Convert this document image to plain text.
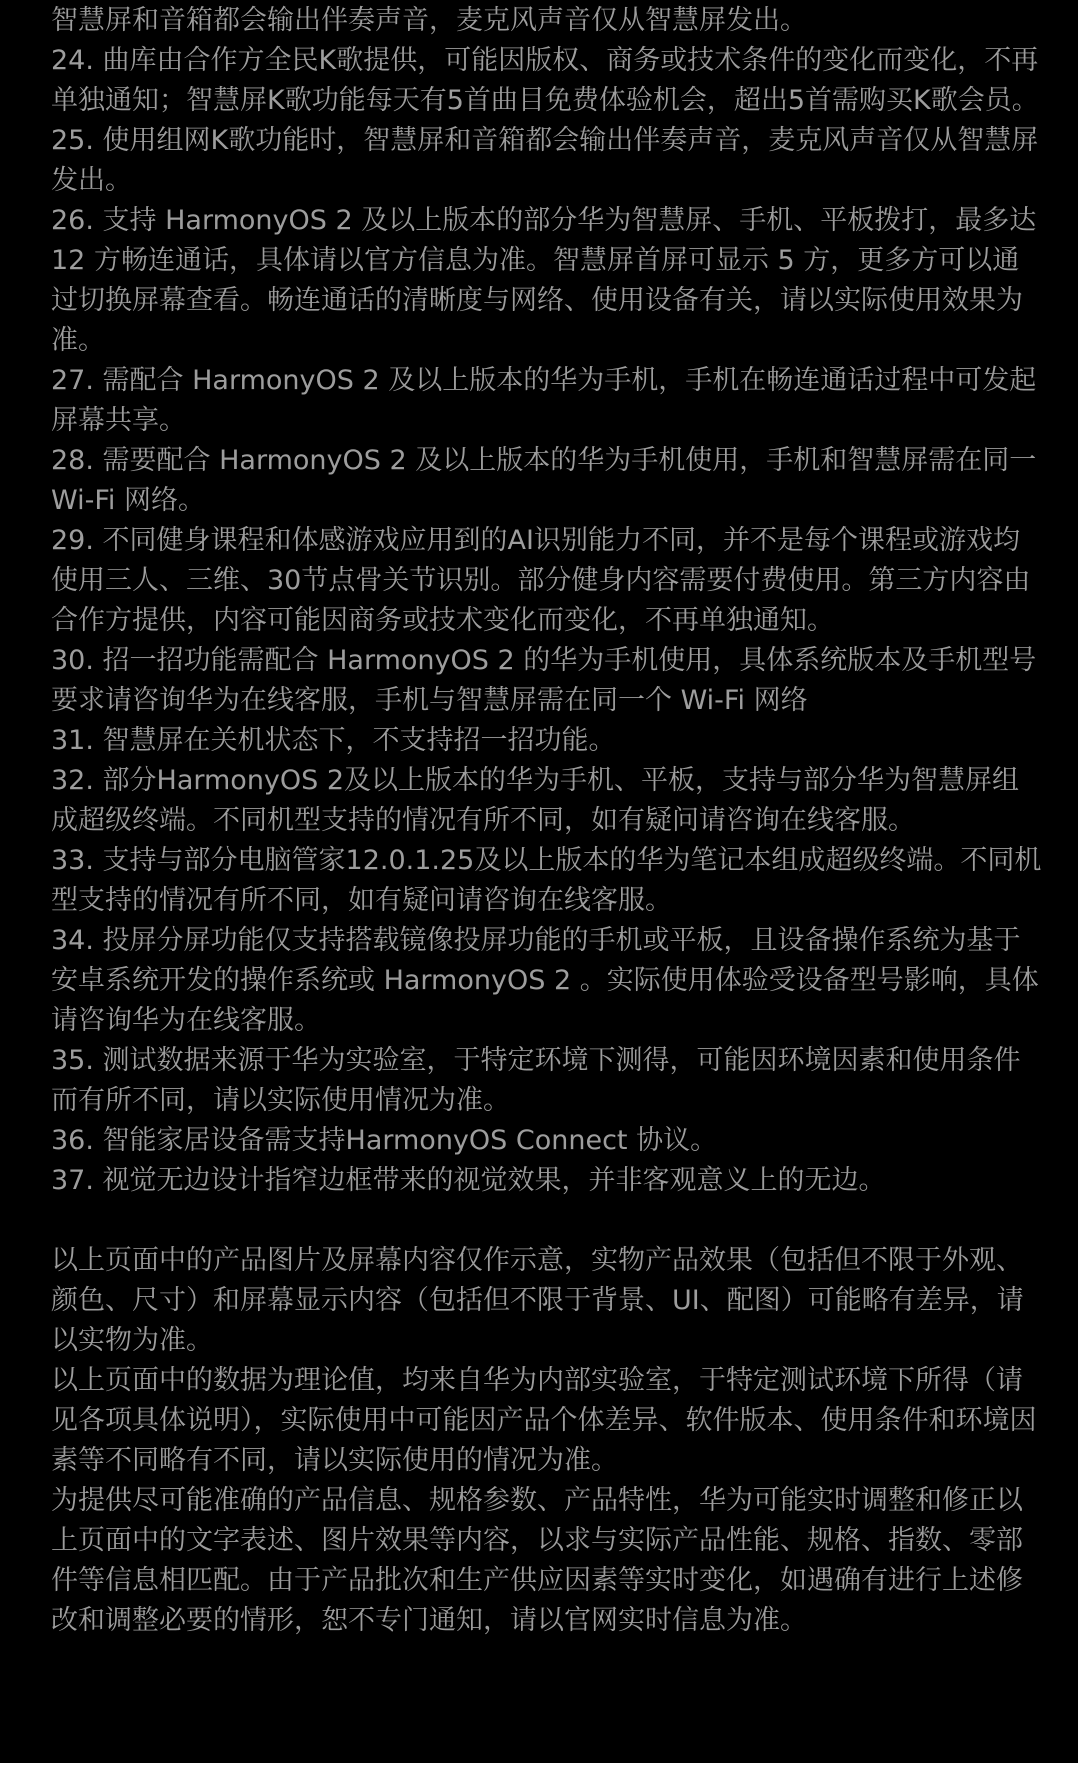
智慧屏和音箱都会输出伴奏声音，麦克风声音仅从智慧屏发出。

24. 曲库由合作方全民K歌提供，可能因版权、商务或技术条件的变化而变化，不再单独通知；智慧屏K歌功能每天有5首曲目免费体验机会，超出5首需购买K歌会员。

25. 使用组网K歌功能时，智慧屏和音箱都会输出伴奏声音，麦克风声音仅从智慧屏发出。

26. 支持 HarmonyOS 2 及以上版本的部分华为智慧屏、手机、平板拨打，最多达 12 方畅连通话，具体请以官方信息为准。智慧屏首屏可显示 5 方，更多方可以通过切换屏幕查看。畅连通话的清晰度与网络、使用设备有关，请以实际使用效果为准。

27. 需配合 HarmonyOS 2 及以上版本的华为手机，手机在畅连通话过程中可发起屏幕共享。

28. 需要配合 HarmonyOS 2 及以上版本的华为手机使用，手机和智慧屏需在同一 Wi-Fi 网络。

29. 不同健身课程和体感游戏应用到的AI识别能力不同，并不是每个课程或游戏均使用三人、三维、30节点骨关节识别。部分健身内容需要付费使用。第三方内容由合作方提供，内容可能因商务或技术变化而变化，不再单独通知。

30. 招一招功能需配合 HarmonyOS 2 的华为手机使用，具体系统版本及手机型号要求请咨询华为在线客服，手机与智慧屏需在同一个 Wi-Fi 网络

31. 智慧屏在关机状态下，不支持招一招功能。

32. 部分HarmonyOS 2及以上版本的华为手机、平板，支持与部分华为智慧屏组成超级终端。不同机型支持的情况有所不同，如有疑问请咨询在线客服。

33. 支持与部分电脑管家12.0.1.25及以上版本的华为笔记本组成超级终端。不同机型支持的情况有所不同，如有疑问请咨询在线客服。

34. 投屏分屏功能仅支持搭载镜像投屏功能的手机或平板，且设备操作系统为基于安卓系统开发的操作系统或 HarmonyOS 2 。实际使用体验受设备型号影响，具体请咨询华为在线客服。

35. 测试数据来源于华为实验室，于特定环境下测得，可能因环境因素和使用条件而有所不同，请以实际使用情况为准。

36. 智能家居设备需支持HarmonyOS Connect 协议。

37. 视觉无边设计指窄边框带来的视觉效果，并非客观意义上的无边。

以上页面中的产品图片及屏幕内容仅作示意，实物产品效果（包括但不限于外观、颜色、尺寸）和屏幕显示内容（包括但不限于背景、UI、配图）可能略有差异，请以实物为准。

以上页面中的数据为理论值，均来自华为内部实验室，于特定测试环境下所得（请见各项具体说明），实际使用中可能因产品个体差异、软件版本、使用条件和环境因素等不同略有不同，请以实际使用的情况为准。

为提供尽可能准确的产品信息、规格参数、产品特性，华为可能实时调整和修正以上页面中的文字表述、图片效果等内容，以求与实际产品性能、规格、指数、零部件等信息相匹配。由于产品批次和生产供应因素等实时变化，如遇确有进行上述修改和调整必要的情形，恕不专门通知，请以官网实时信息为准。
